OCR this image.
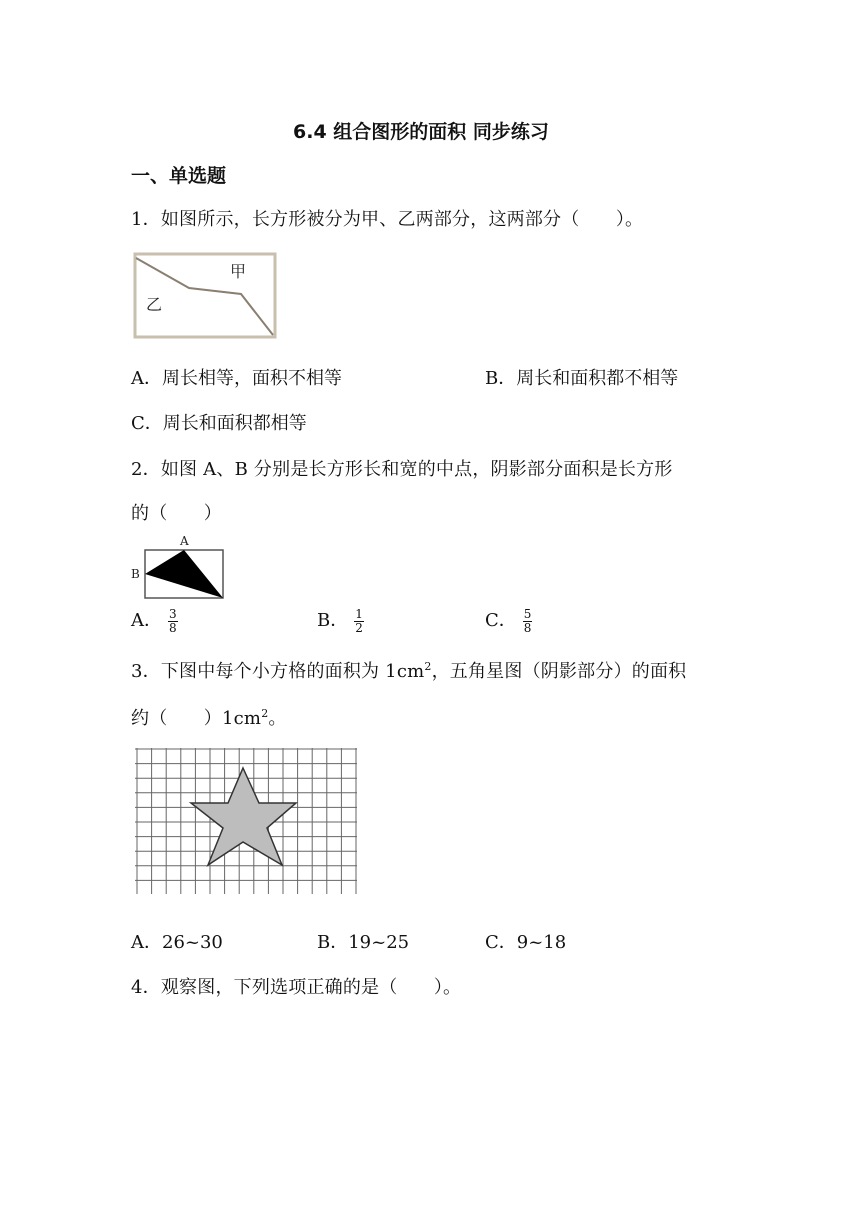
6.4 组合图形的面积 同步练习
一、单选题
1．如图所示，长方形被分为甲、乙两部分，这两部分（　　）。
甲
乙
A．周长相等，面积不相等	B．周长和面积都不相等
C．周长和面积都相等
2．如图 A、B 分别是长方形长和宽的中点，阴影部分面积是长方形
的（　　）
A
B
A． $\frac{3}{8}$	B． $\frac{1}{2}$	C． $\frac{5}{8}$
3．下图中每个小方格的面积为 $1cm^2$，五角星图（阴影部分）的面积
约（　　）$1cm^2$。
A．26~30	B．19~25	C．9~18
4．观察图，下列选项正确的是（　　）。
